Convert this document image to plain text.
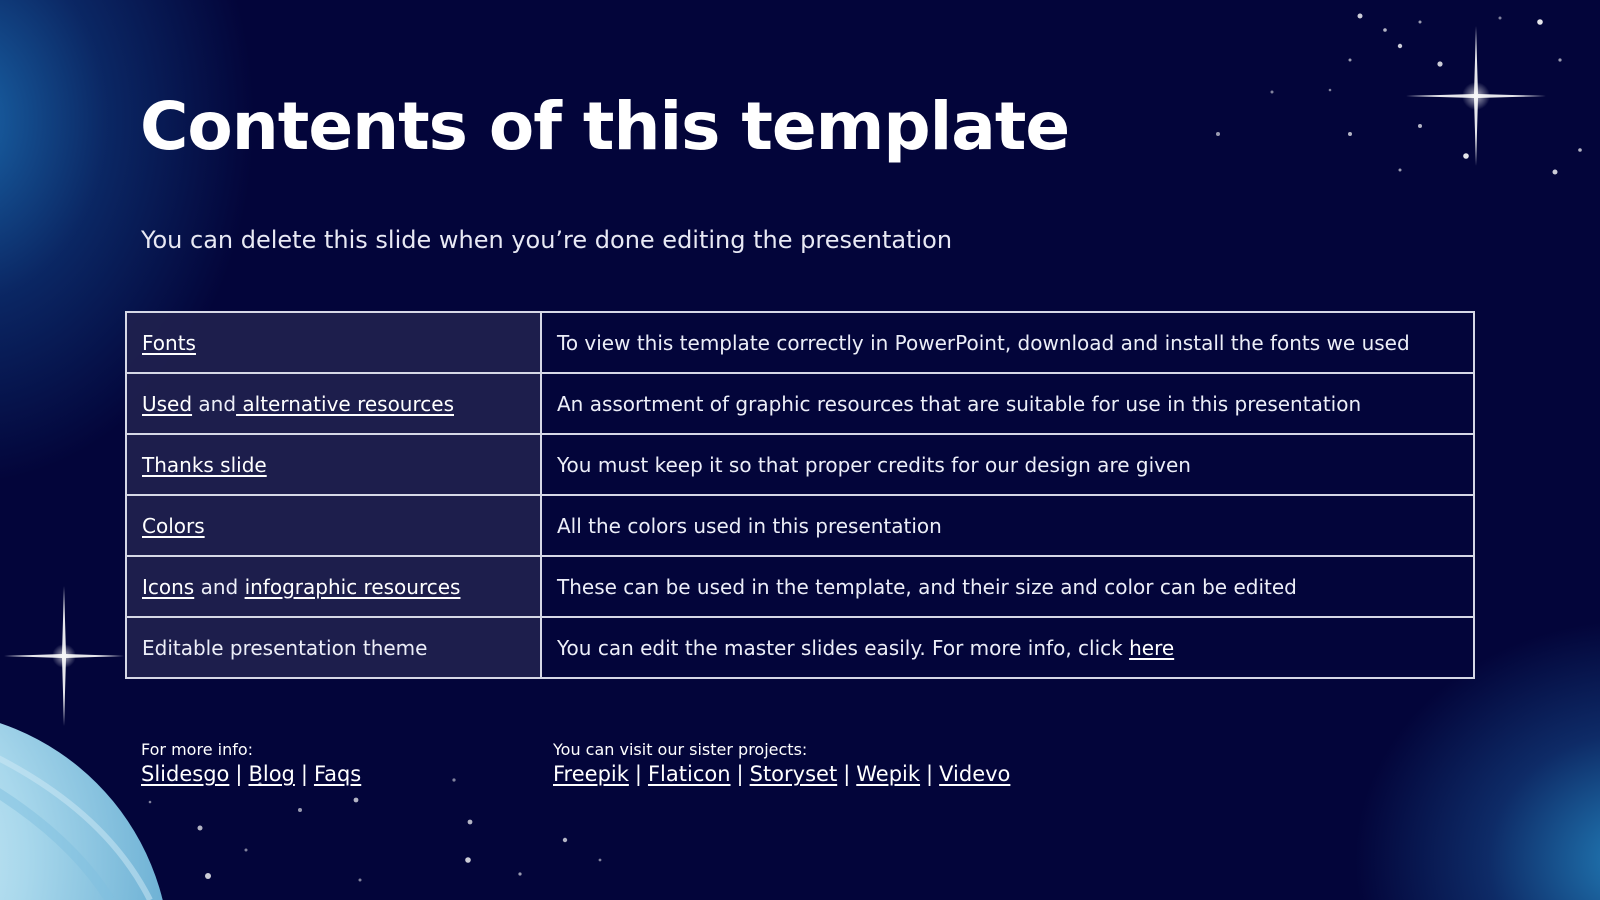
Contents of this template

You can delete this slide when you’re done editing the presentation

Fonts	To view this template correctly in PowerPoint, download and install the fonts we used
Used and alternative resources	An assortment of graphic resources that are suitable for use in this presentation
Thanks slide	You must keep it so that proper credits for our design are given
Colors	All the colors used in this presentation
Icons and infographic resources	These can be used in the template, and their size and color can be edited
Editable presentation theme	You can edit the master slides easily. For more info, click here
For more info:
Slidesgo | Blog | Faqs
You can visit our sister projects:
Freepik | Flaticon | Storyset | Wepik | Videvo
